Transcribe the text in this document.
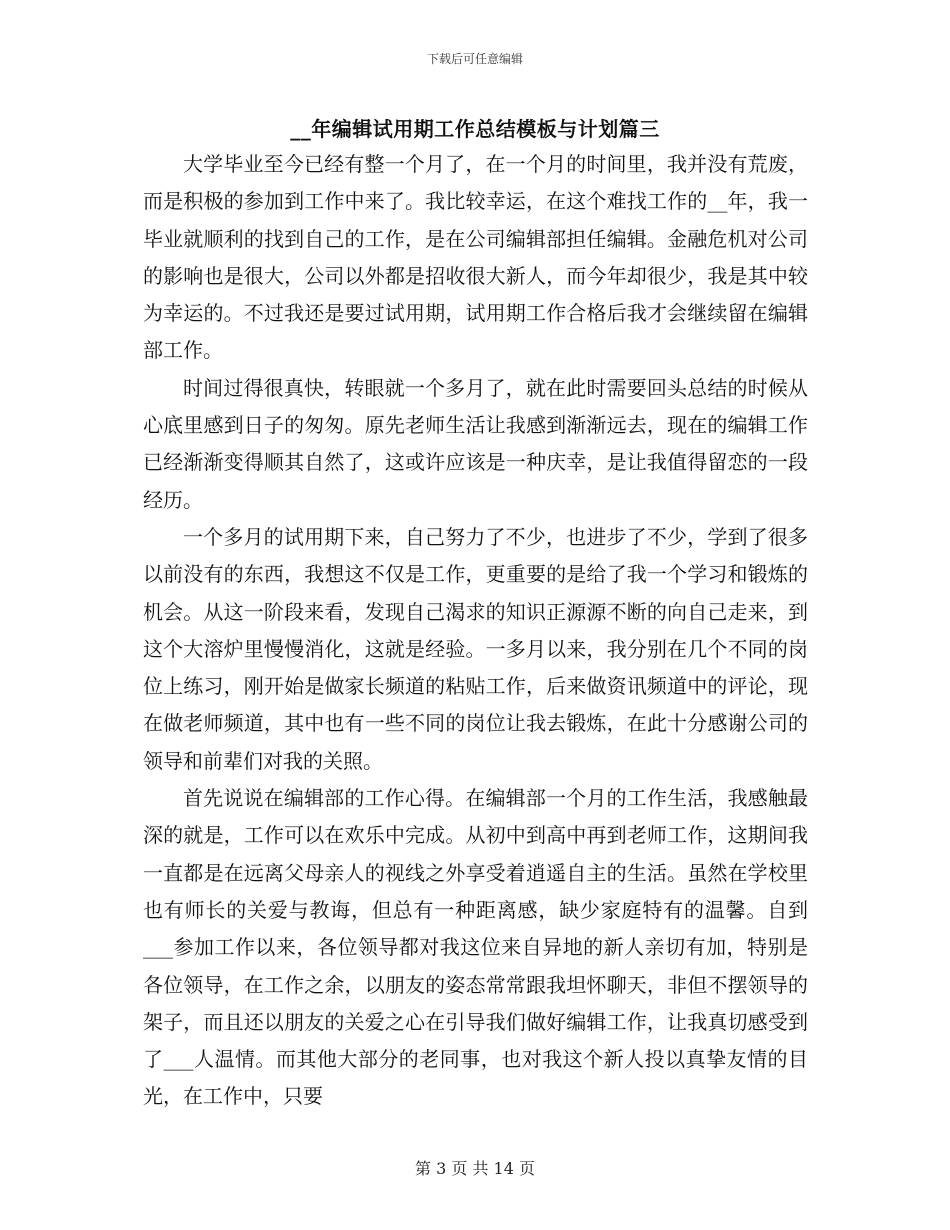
下载后可任意编辑
__年编辑试用期工作总结模板与计划篇三

大学毕业至今已经有整一个月了，在一个月的时间里，我并没有荒废，而是积极的参加到工作中来了。我比较幸运，在这个难找工作的__年，我一毕业就顺利的找到自己的工作，是在公司编辑部担任编辑。金融危机对公司的影响也是很大，公司以外都是招收很大新人，而今年却很少，我是其中较为幸运的。不过我还是要过试用期，试用期工作合格后我才会继续留在编辑部工作。

时间过得很真快，转眼就一个多月了，就在此时需要回头总结的时候从心底里感到日子的匆匆。原先老师生活让我感到渐渐远去，现在的编辑工作已经渐渐变得顺其自然了，这或许应该是一种庆幸，是让我值得留恋的一段经历。

一个多月的试用期下来，自己努力了不少，也进步了不少，学到了很多以前没有的东西，我想这不仅是工作，更重要的是给了我一个学习和锻炼的机会。从这一阶段来看，发现自己渴求的知识正源源不断的向自己走来，到这个大溶炉里慢慢消化，这就是经验。一多月以来，我分别在几个不同的岗位上练习，刚开始是做家长频道的粘贴工作，后来做资讯频道中的评论，现在做老师频道，其中也有一些不同的岗位让我去锻炼，在此十分感谢公司的领导和前辈们对我的关照。

首先说说在编辑部的工作心得。在编辑部一个月的工作生活，我感触最深的就是，工作可以在欢乐中完成。从初中到高中再到老师工作，这期间我一直都是在远离父母亲人的视线之外享受着逍遥自主的生活。虽然在学校里也有师长的关爱与教诲，但总有一种距离感，缺少家庭特有的温馨。自到___参加工作以来，各位领导都对我这位来自异地的新人亲切有加，特别是各位领导，在工作之余，以朋友的姿态常常跟我坦怀聊天，非但不摆领导的架子，而且还以朋友的关爱之心在引导我们做好编辑工作，让我真切感受到了___人温情。而其他大部分的老同事，也对我这个新人投以真挚友情的目光，在工作中，只要

第 3 页 共 14 页
